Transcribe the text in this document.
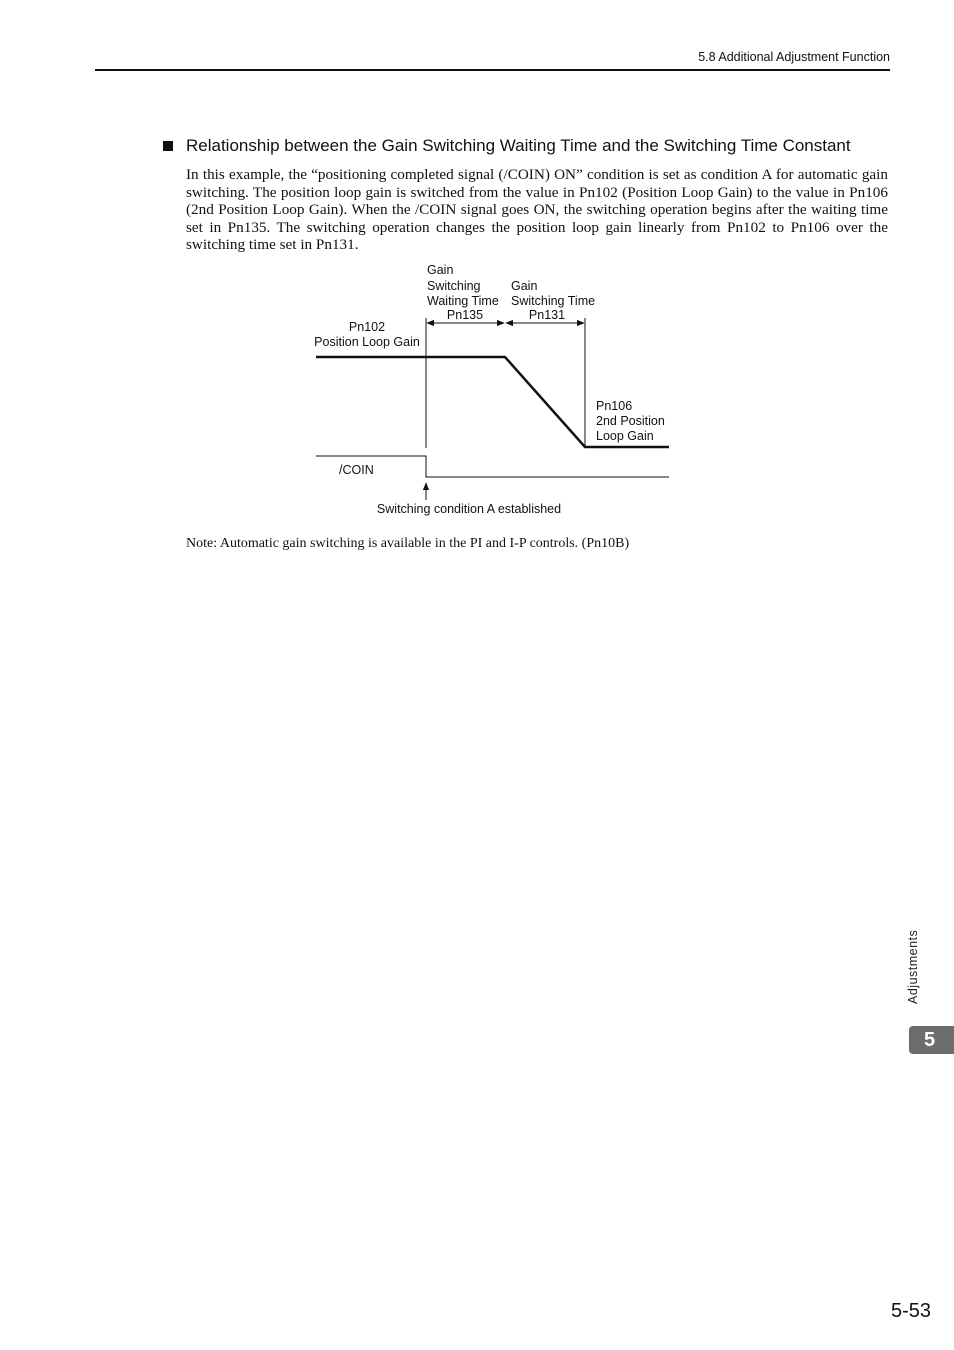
5.8 Additional Adjustment Function
Relationship between the Gain Switching Waiting Time and the Switching Time Constant
In this example, the “positioning completed signal (/COIN) ON” condition is set as condition A for automatic gain switching. The position loop gain is switched from the value in Pn102 (Position Loop Gain) to the value in Pn106 (2nd Position Loop Gain). When the /COIN signal goes ON, the switching operation begins after the waiting time set in Pn135. The switching operation changes the position loop gain linearly from Pn102 to Pn106 over the switching time set in Pn131.
Gain
Switching
Waiting Time
Pn135
Gain
Switching Time
Pn131
Pn102
Position Loop Gain
Pn106
2nd Position
Loop Gain
/COIN
Switching condition A established
Note: Automatic gain switching is available in the PI and I-P controls. (Pn10B)
Adjustments
5
5-53
